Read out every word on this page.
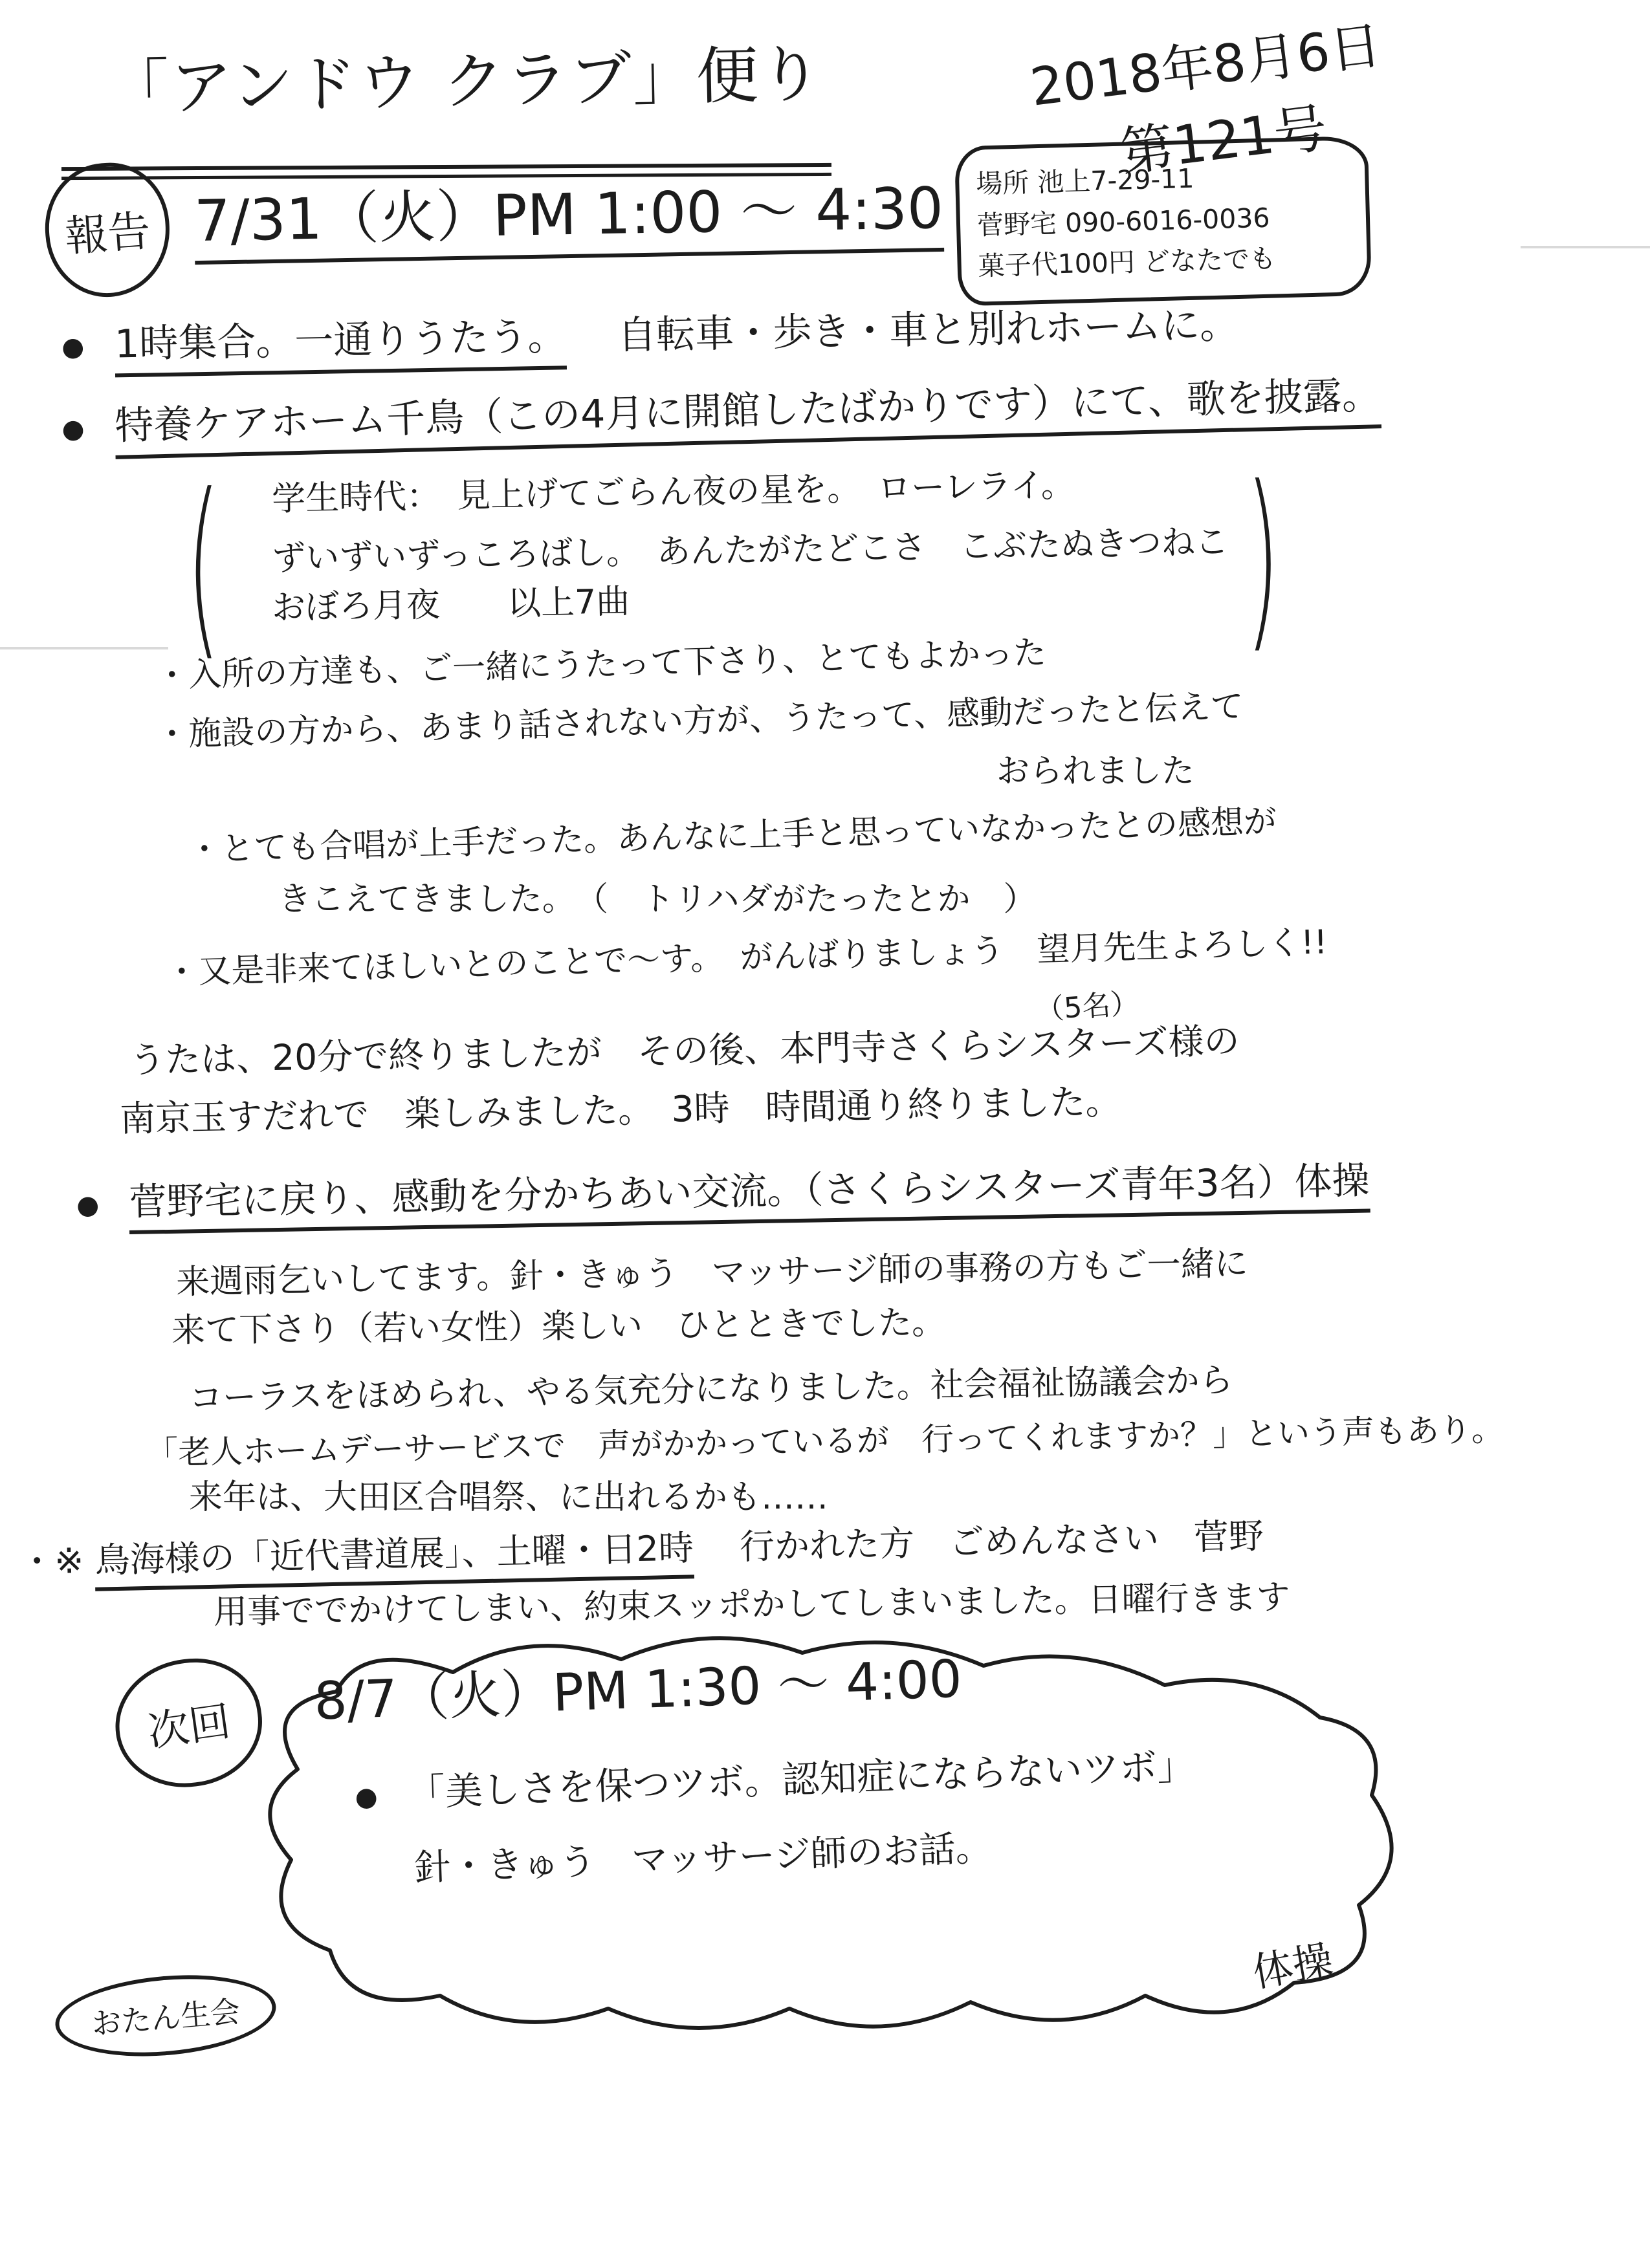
「アンドウ クラブ」便り	2018年8月6日
第121号
場所 池上7-29-11
菅野宅 090-6016-0036
菓子代100円 どなたでも
報告 7/31（火）PM 1:00 〜 4:30
● 1時集合。一通りうたう。 　自転車・歩き・車と別れホームに。
● 特養ケアホーム千鳥（この4月に開館したばかりです）にて、歌を披露。
(	)
学生時代：　見上げてごらん夜の星を。　ローレライ。
ずいずいずっころばし。　あんたがたどこさ　こぶたぬきつねこ
おぼろ月夜　　以上7曲
・入所の方達も、ご一緒にうたって下さり、とてもよかった
・施設の方から、あまり話されない方が、うたって、感動だったと伝えて
おられました
・とても合唱が上手だった。あんなに上手と思っていなかったとの感想が
きこえてきました。　（　トリハダがたったとか　）
・又是非来てほしいとのことで〜す。　がんばりましょう　望月先生よろしく!!
（5名）
うたは、20分で終りましたが　その後、本門寺さくらシスターズ様の
南京玉すだれで　楽しみました。　3時　時間通り終りました。
● 菅野宅に戻り、感動を分かちあい交流。（さくらシスターズ青年3名）体操
来週雨乞いしてます。針・きゅう　マッサージ師の事務の方もご一緒に
来て下さり（若い女性）楽しい　ひとときでした。
コーラスをほめられ、やる気充分になりました。社会福祉協議会から
「老人ホームデーサービスで　声がかかっているが　行ってくれますか？」という声もあり。
来年は、大田区合唱祭、に出れるかも……
・※ 鳥海様の「近代書道展」、土曜・日2時 　行かれた方　ごめんなさい　菅野
用事ででかけてしまい、約束スッポかしてしまいました。日曜行きます
次回 8/7（火）PM 1:30 〜 4:00
● 「美しさを保つツボ。認知症にならないツボ」
針・きゅう　マッサージ師のお話。
体操
おたん生会
